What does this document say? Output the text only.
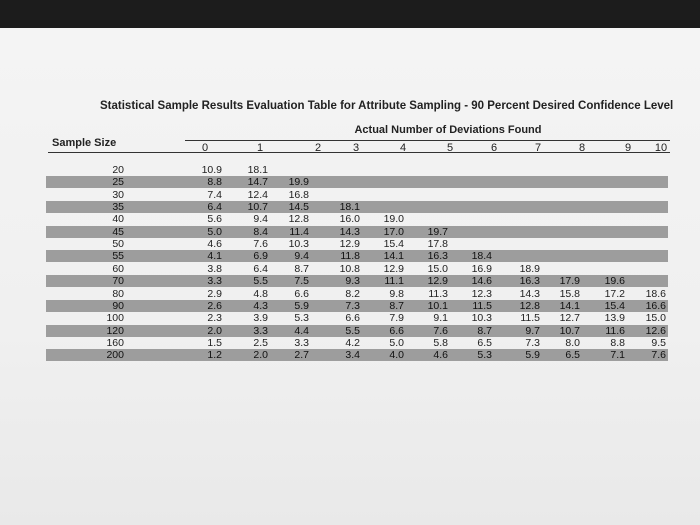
Statistical Sample Results Evaluation Table for Attribute Sampling - 90 Percent Desired Confidence Level
Actual Number of Deviations Found
Sample Size	0	1	2	3	4	5	6	7	8	9	10
20	10.9	18.1
25	8.8	14.7	19.9
30	7.4	12.4	16.8
35	6.4	10.7	14.5	18.1
40	5.6	9.4	12.8	16.0	19.0
45	5.0	8.4	11.4	14.3	17.0	19.7
50	4.6	7.6	10.3	12.9	15.4	17.8
55	4.1	6.9	9.4	11.8	14.1	16.3	18.4
60	3.8	6.4	8.7	10.8	12.9	15.0	16.9	18.9
70	3.3	5.5	7.5	9.3	11.1	12.9	14.6	16.3	17.9	19.6
80	2.9	4.8	6.6	8.2	9.8	11.3	12.3	14.3	15.8	17.2	18.6
90	2.6	4.3	5.9	7.3	8.7	10.1	11.5	12.8	14.1	15.4	16.6
100	2.3	3.9	5.3	6.6	7.9	9.1	10.3	11.5	12.7	13.9	15.0
120	2.0	3.3	4.4	5.5	6.6	7.6	8.7	9.7	10.7	11.6	12.6
160	1.5	2.5	3.3	4.2	5.0	5.8	6.5	7.3	8.0	8.8	9.5
200	1.2	2.0	2.7	3.4	4.0	4.6	5.3	5.9	6.5	7.1	7.6
